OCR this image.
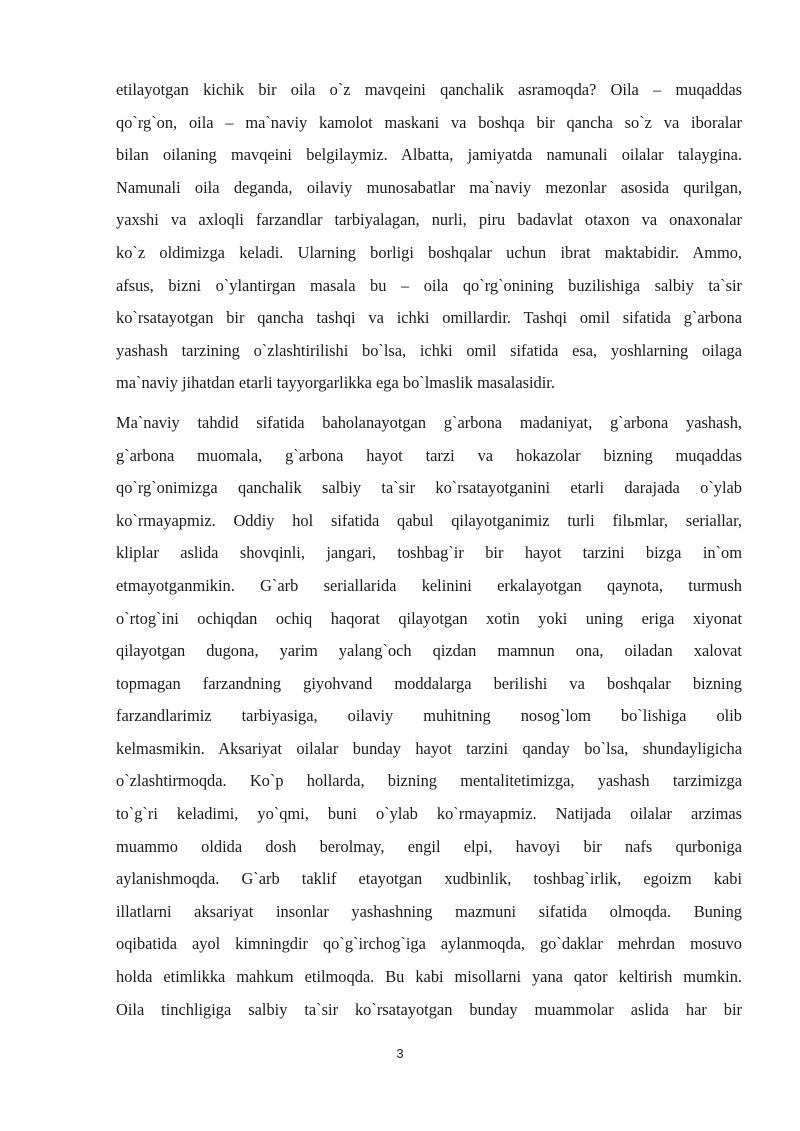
etilayotgan kichik bir oila o`z mavqeini qanchalik asramoqda? Oila – muqaddas
qo`rg`on, oila – ma`naviy kamolot maskani va boshqa bir qancha so`z va iboralar
bilan oilaning mavqeini belgilaymiz. Albatta, jamiyatda namunali oilalar talaygina.
Namunali oila deganda, oilaviy munosabatlar ma`naviy mezonlar asosida qurilgan,
yaxshi va axloqli farzandlar tarbiyalagan, nurli, piru badavlat otaxon va onaxonalar
ko`z oldimizga keladi. Ularning borligi boshqalar uchun ibrat maktabidir. Ammo,
afsus, bizni o`ylantirgan masala bu – oila qo`rg`onining buzilishiga salbiy ta`sir
ko`rsatayotgan bir qancha tashqi va ichki omillardir. Tashqi omil sifatida g`arbona
yashash tarzining o`zlashtirilishi bo`lsa, ichki omil sifatida esa, yoshlarning oilaga
ma`naviy jihatdan etarli tayyorgarlikka ega bo`lmaslik masalasidir.
Ma`naviy tahdid sifatida baholanayotgan g`arbona madaniyat, g`arbona yashash,
g`arbona muomala, g`arbona hayot tarzi va hokazolar bizning muqaddas
qo`rg`onimizga qanchalik salbiy ta`sir ko`rsatayotganini etarli darajada o`ylab
ko`rmayapmiz. Oddiy hol sifatida qabul qilayotganimiz turli filьmlar, seriallar,
kliplar aslida shovqinli, jangari, toshbag`ir bir hayot tarzini bizga in`om
etmayotganmikin. G`arb seriallarida kelinini erkalayotgan qaynota, turmush
o`rtog`ini ochiqdan ochiq haqorat qilayotgan xotin yoki uning eriga xiyonat
qilayotgan dugona, yarim yalang`och qizdan mamnun ona, oiladan xalovat
topmagan farzandning giyohvand moddalarga berilishi va boshqalar bizning
farzandlarimiz tarbiyasiga, oilaviy muhitning nosog`lom bo`lishiga olib
kelmasmikin. Aksariyat oilalar bunday hayot tarzini qanday bo`lsa, shundayligicha
o`zlashtirmoqda. Ko`p hollarda, bizning mentalitetimizga, yashash tarzimizga
to`g`ri keladimi, yo`qmi, buni o`ylab ko`rmayapmiz. Natijada oilalar arzimas
muammo oldida dosh berolmay, engil elpi, havoyi bir nafs qurboniga
aylanishmoqda. G`arb taklif etayotgan xudbinlik, toshbag`irlik, egoizm kabi
illatlarni aksariyat insonlar yashashning mazmuni sifatida olmoqda. Buning
oqibatida ayol kimningdir qo`g`irchog`iga aylanmoqda, go`daklar mehrdan mosuvo
holda etimlikka mahkum etilmoqda. Bu kabi misollarni yana qator keltirish mumkin.
Oila tinchligiga salbiy ta`sir ko`rsatayotgan bunday muammolar aslida har bir
3
